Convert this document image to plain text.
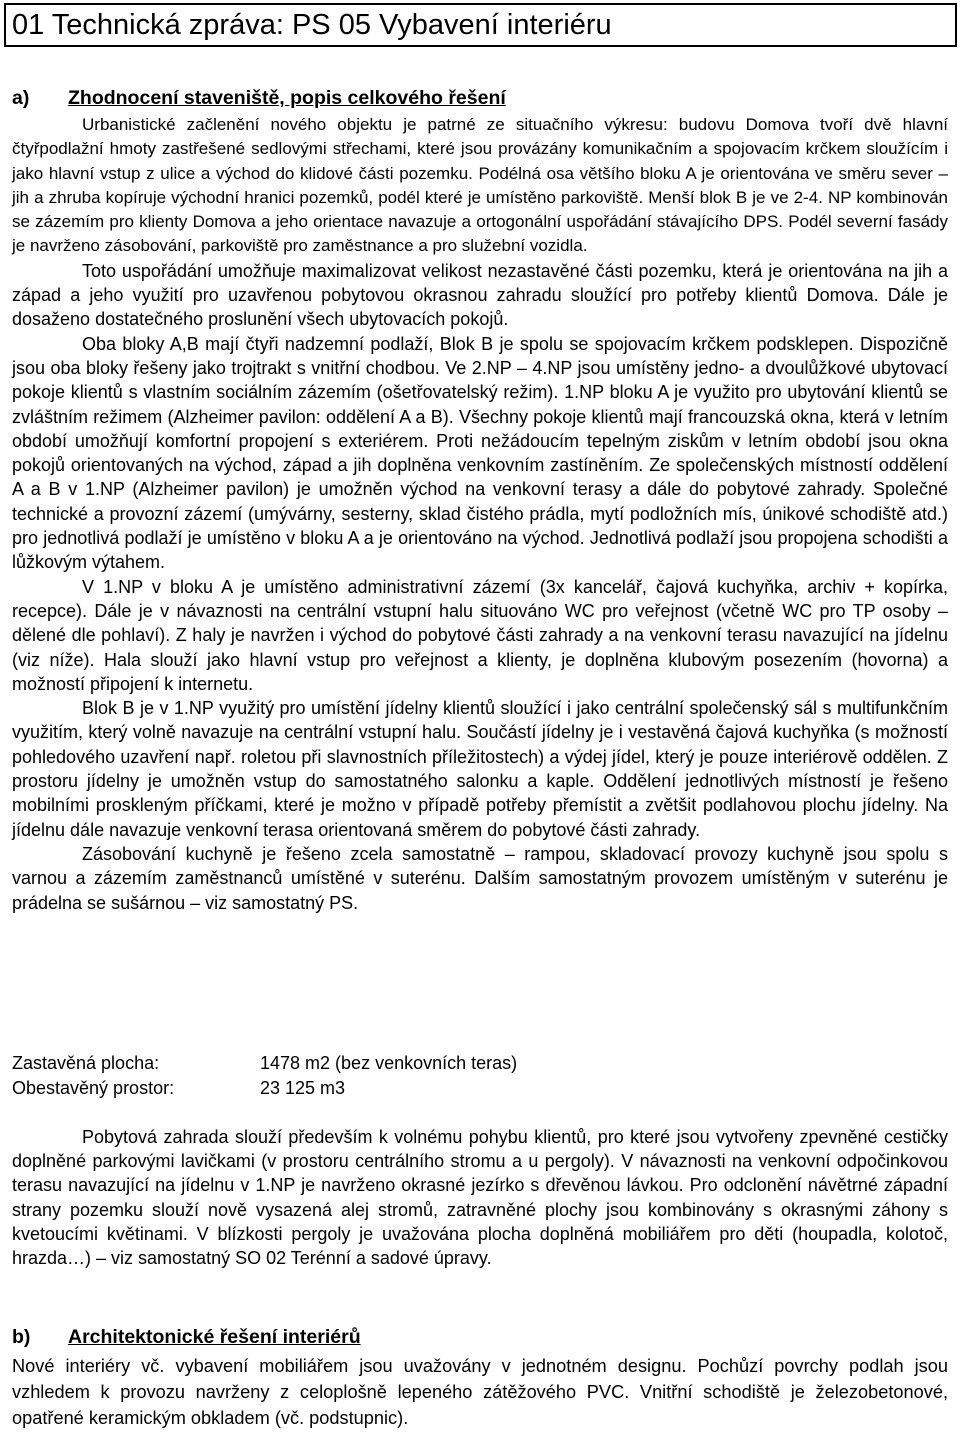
01 Technická zpráva: PS 05 Vybavení interiéru
a) Zhodnocení staveniště, popis celkového řešení

Urbanistické začlenění nového objektu je patrné ze situačního výkresu: budovu Domova tvoří dvě hlavní čtyřpodlažní hmoty zastřešené sedlovými střechami, které jsou provázány komunikačním a spojovacím krčkem sloužícím i jako hlavní vstup z ulice a východ do klidové části pozemku. Podélná osa většího bloku A je orientována ve směru sever – jih a zhruba kopíruje východní hranici pozemků, podél které je umístěno parkoviště. Menší blok B je ve 2-4. NP kombinován se zázemím pro klienty Domova a jeho orientace navazuje a ortogonální uspořádání stávajícího DPS. Podél severní fasády je navrženo zásobování, parkoviště pro zaměstnance a pro služební vozidla.

Toto uspořádání umožňuje maximalizovat velikost nezastavěné části pozemku, která je orientována na jih a západ a jeho využití pro uzavřenou pobytovou okrasnou zahradu sloužící pro potřeby klientů Domova. Dále je dosaženo dostatečného proslunění všech ubytovacích pokojů.

Oba bloky A,B mají čtyři nadzemní podlaží, Blok B je spolu se spojovacím krčkem podsklepen. Dispozičně jsou oba bloky řešeny jako trojtrakt s vnitřní chodbou. Ve 2.NP – 4.NP jsou umístěny jedno- a dvoulůžkové ubytovací pokoje klientů s vlastním sociálním zázemím (ošetřovatelský režim). 1.NP bloku A je využito pro ubytování klientů se zvláštním režimem (Alzheimer pavilon: oddělení A a B). Všechny pokoje klientů mají francouzská okna, která v letním období umožňují komfortní propojení s exteriérem. Proti nežádoucím tepelným ziskům v letním období jsou okna pokojů orientovaných na východ, západ a jih doplněna venkovním zastíněním. Ze společenských místností oddělení A a B v 1.NP (Alzheimer pavilon) je umožněn východ na venkovní terasy a dále do pobytové zahrady. Společné technické a provozní zázemí (umývárny, sesterny, sklad čistého prádla, mytí podložních mís, únikové schodiště atd.) pro jednotlivá podlaží je umístěno v bloku A a je orientováno na východ. Jednotlivá podlaží jsou propojena schodišti a lůžkovým výtahem.

V 1.NP v bloku A je umístěno administrativní zázemí (3x kancelář, čajová kuchyňka, archiv + kopírka, recepce). Dále je v návaznosti na centrální vstupní halu situováno WC pro veřejnost (včetně WC pro TP osoby – dělené dle pohlaví). Z haly je navržen i východ do pobytové části zahrady a na venkovní terasu navazující na jídelnu (viz níže). Hala slouží jako hlavní vstup pro veřejnost a klienty, je doplněna klubovým posezením (hovorna) a možností připojení k internetu.

Blok B je v 1.NP využitý pro umístění jídelny klientů sloužící i jako centrální společenský sál s multifunkčním využitím, který volně navazuje na centrální vstupní halu. Součástí jídelny je i vestavěná čajová kuchyňka (s možností pohledového uzavření např. roletou při slavnostních příležitostech) a výdej jídel, který je pouze interiérově oddělen. Z prostoru jídelny je umožněn vstup do samostatného salonku a kaple. Oddělení jednotlivých místností je řešeno mobilními proskleným příčkami, které je možno v případě potřeby přemístit a zvětšit podlahovou plochu jídelny. Na jídelnu dále navazuje venkovní terasa orientovaná směrem do pobytové části zahrady.

Zásobování kuchyně je řešeno zcela samostatně – rampou, skladovací provozy kuchyně jsou spolu s varnou a zázemím zaměstnanců umístěné v suterénu. Dalším samostatným provozem umístěným v suterénu je prádelna se sušárnou – viz samostatný PS.

Zastavěná plocha:	1478 m2 (bez venkovních teras)
Obestavěný prostor:	23 125 m3

Pobytová zahrada slouží především k volnému pohybu klientů, pro které jsou vytvořeny zpevněné cestičky doplněné parkovými lavičkami (v prostoru centrálního stromu a u pergoly). V návaznosti na venkovní odpočinkovou terasu navazující na jídelnu v 1.NP je navrženo okrasné jezírko s dřevěnou lávkou. Pro odclonění návětrné západní strany pozemku slouží nově vysazená alej stromů, zatravněné plochy jsou kombinovány s okrasnými záhony s kvetoucími květinami. V blízkosti pergoly je uvažována plocha doplněná mobiliářem pro děti (houpadla, kolotoč, hrazda…) – viz samostatný SO 02 Terénní a sadové úpravy.

b) Architektonické řešení interiérů

Nové interiéry vč. vybavení mobiliářem jsou uvažovány v jednotném designu. Pochůzí povrchy podlah jsou vzhledem k provozu navrženy z celoplošně lepeného zátěžového PVC. Vnitřní schodiště je železobetonové, opatřené keramickým obkladem (vč. podstupnic).
